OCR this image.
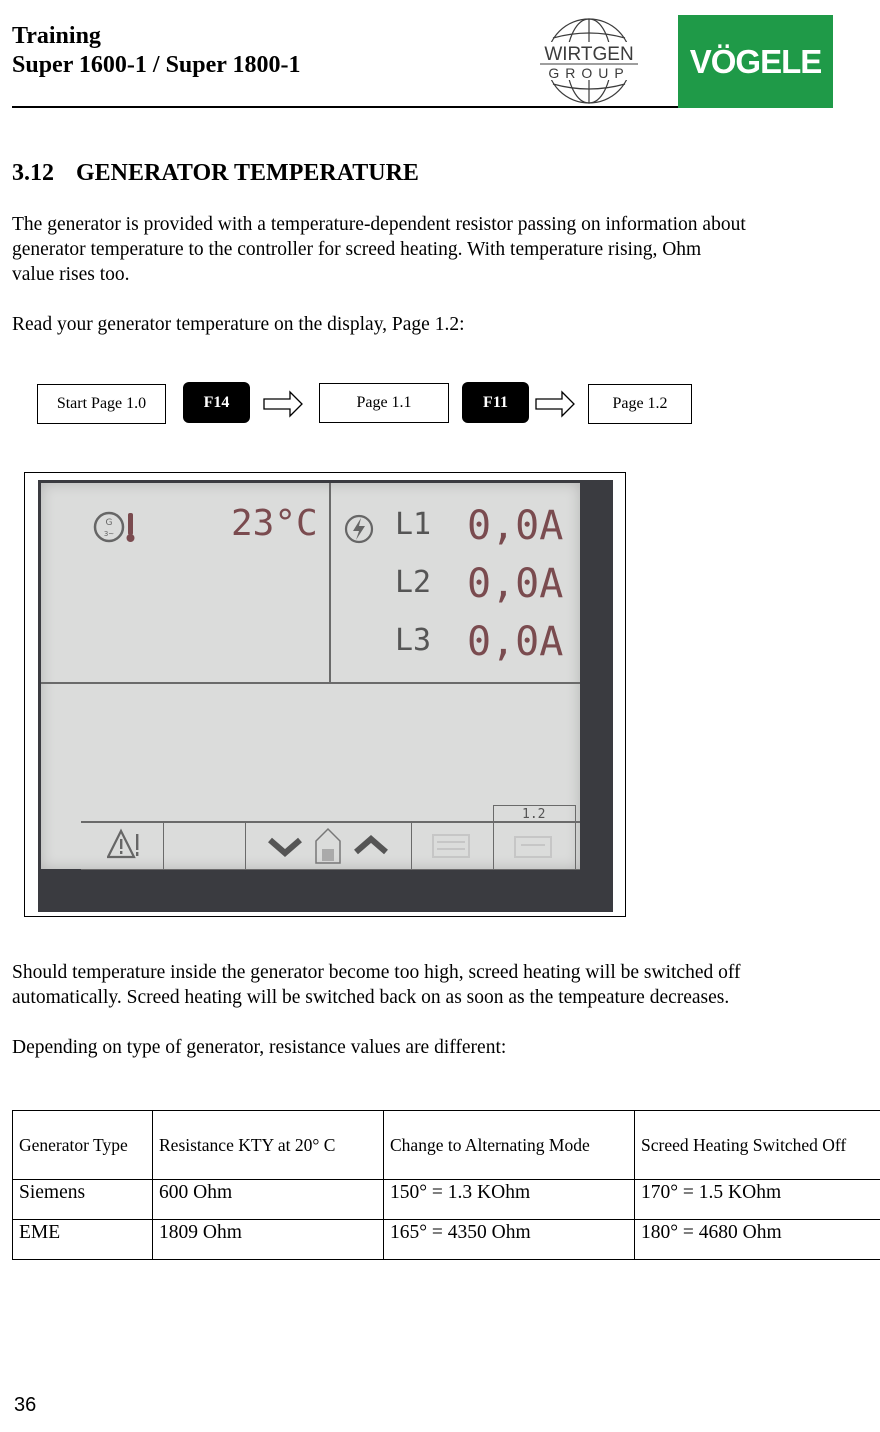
Training
Super 1600-1 / Super 1800-1	WIRTGEN
GROUP VÖGELE
3.12 GENERATOR TEMPERATURE
The generator is provided with a temperature-dependent resistor passing on information about
generator temperature to the controller for screed heating. With temperature rising, Ohm
value rises too.
Read your generator temperature on the display, Page 1.2:
Start Page 1.0	F14	Page 1.1	F11	Page 1.2
G
3~	23°C	L1 0,0A
L2 0,0A
L3 0,0A
1.2
Should temperature inside the generator become too high, screed heating will be switched off
automatically. Screed heating will be switched back on as soon as the tempeature decreases.
Depending on type of generator, resistance values are different:
Generator Type	Resistance KTY at 20° C	Change to Alternating Mode	Screed Heating Switched Off
Siemens	600 Ohm	150° = 1.3 KOhm	170° = 1.5 KOhm
EME	1809 Ohm	165° = 4350 Ohm	180° = 4680 Ohm
36
